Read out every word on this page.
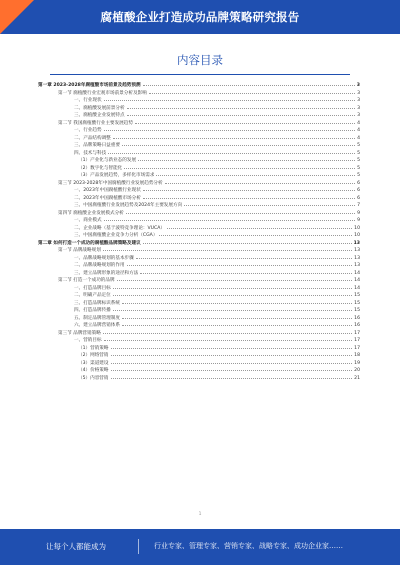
腐植酸企业打造成功品牌策略研究报告
内容目录
第一章 2023-2028年腐植酸市场前景及趋势预测	3
第一节 腐植酸行业宏观市场前景分析及影响	3
一、行业现状	3
二、腐植酸发展前景分析	3
三、腐植酸企业发展特点	3
第二节 我国腐植酸行业主要发展趋势	4
一、行业趋势	4
二、产品结构调整	4
三、品牌策略日益重要	5
四、技术与科技	5
（1）产业化与新业态的发展	5
（2）数字化与智能化	5
（3）产品发展趋势，多样化市场需求	5
第三节 2023-2028年中国腐植酸行业发展趋势分析	6
一、2023年中国腐植酸行业现状	6
二、2023年中国腐植酸市场分析	6
三、中国腐植酸行业发展趋势及2024年主要发展方向	7
第四节 腐植酸企业发展模式分析	9
一、商业模式	9
二、企业战略（基于波特竞争理论：VUCA）	10
三、中国腐植酸企业竞争力分析（CGA）	10
第二章 如何打造一个成功的腐植酸品牌策略及建议	13
第一节 品牌战略规划	13
一、品牌战略规划的基本步骤	13
二、品牌战略规划的作用	13
三、建立品牌形象的途径和方法	14
第二节 打造一个成功的品牌	14
一、打造品牌目标	14
二、明确产品定位	15
三、打造品牌标识系统	15
四、打造品牌传播	15
五、制定品牌管理制度	16
六、建立品牌营销体系	16
第三节 品牌营销策略	17
一、营销目标	17
（1）营销策略	17
（2）网络营销	18
（3）渠道建设	19
（4）价格策略	20
（5）内容营销	21
1
让每个人都能成为	行业专家、管理专家、营销专家、战略专家、成功企业家……
